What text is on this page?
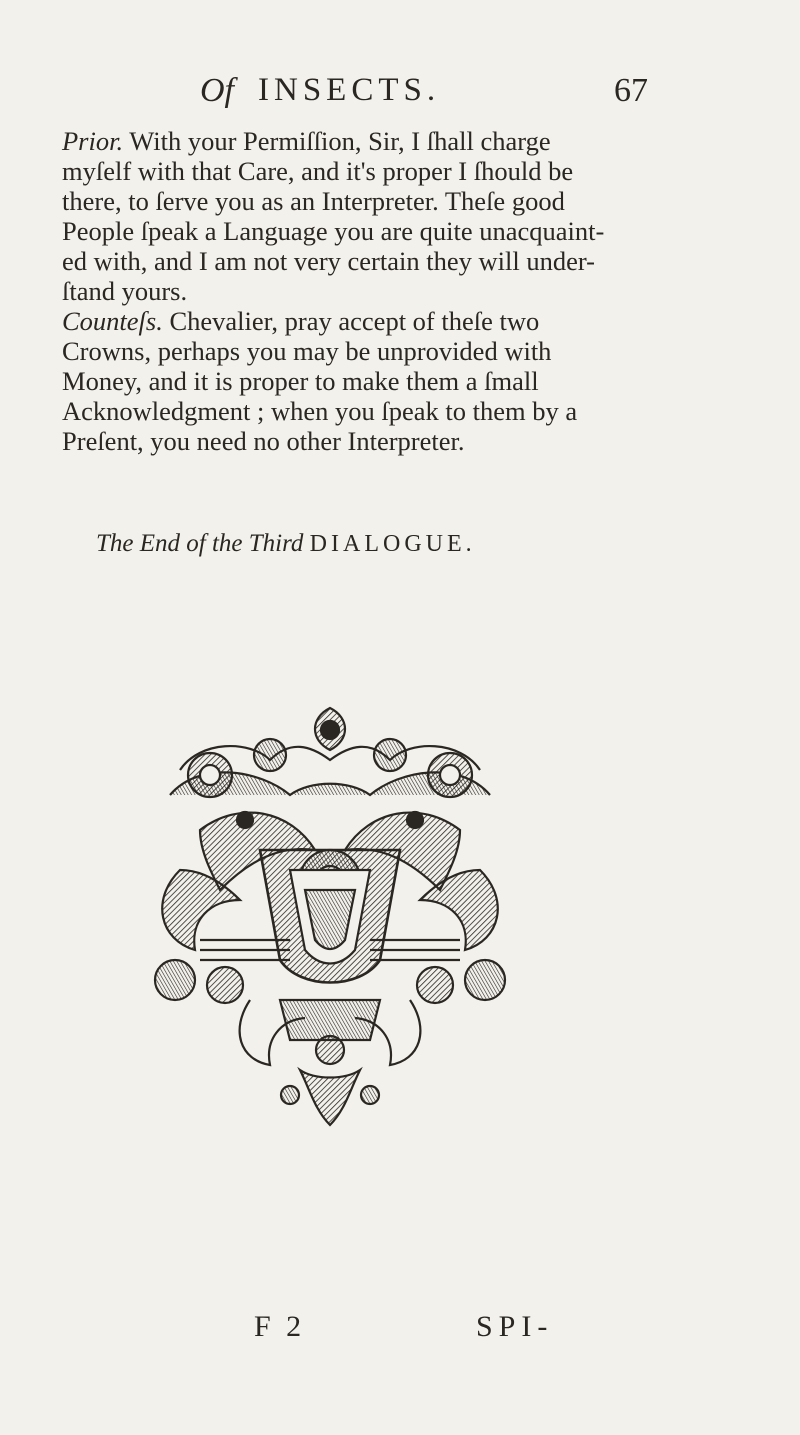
Of INSECTS.	67
Prior. With your Permiſſion, Sir, I ſhall charge
myſelf with that Care, and it's proper I ſhould be
there, to ſerve you as an Interpreter. Theſe good
People ſpeak a Language you are quite unacquaint-
ed with, and I am not very certain they will under-
ſtand yours.
Counteſs. Chevalier, pray accept of theſe two
Crowns, perhaps you may be unprovided with
Money, and it is proper to make them a ſmall
Acknowledgment ; when you ſpeak to them by a
Preſent, you need no other Interpreter.
The End of the Third DIALOGUE.
F 2	SPI-
